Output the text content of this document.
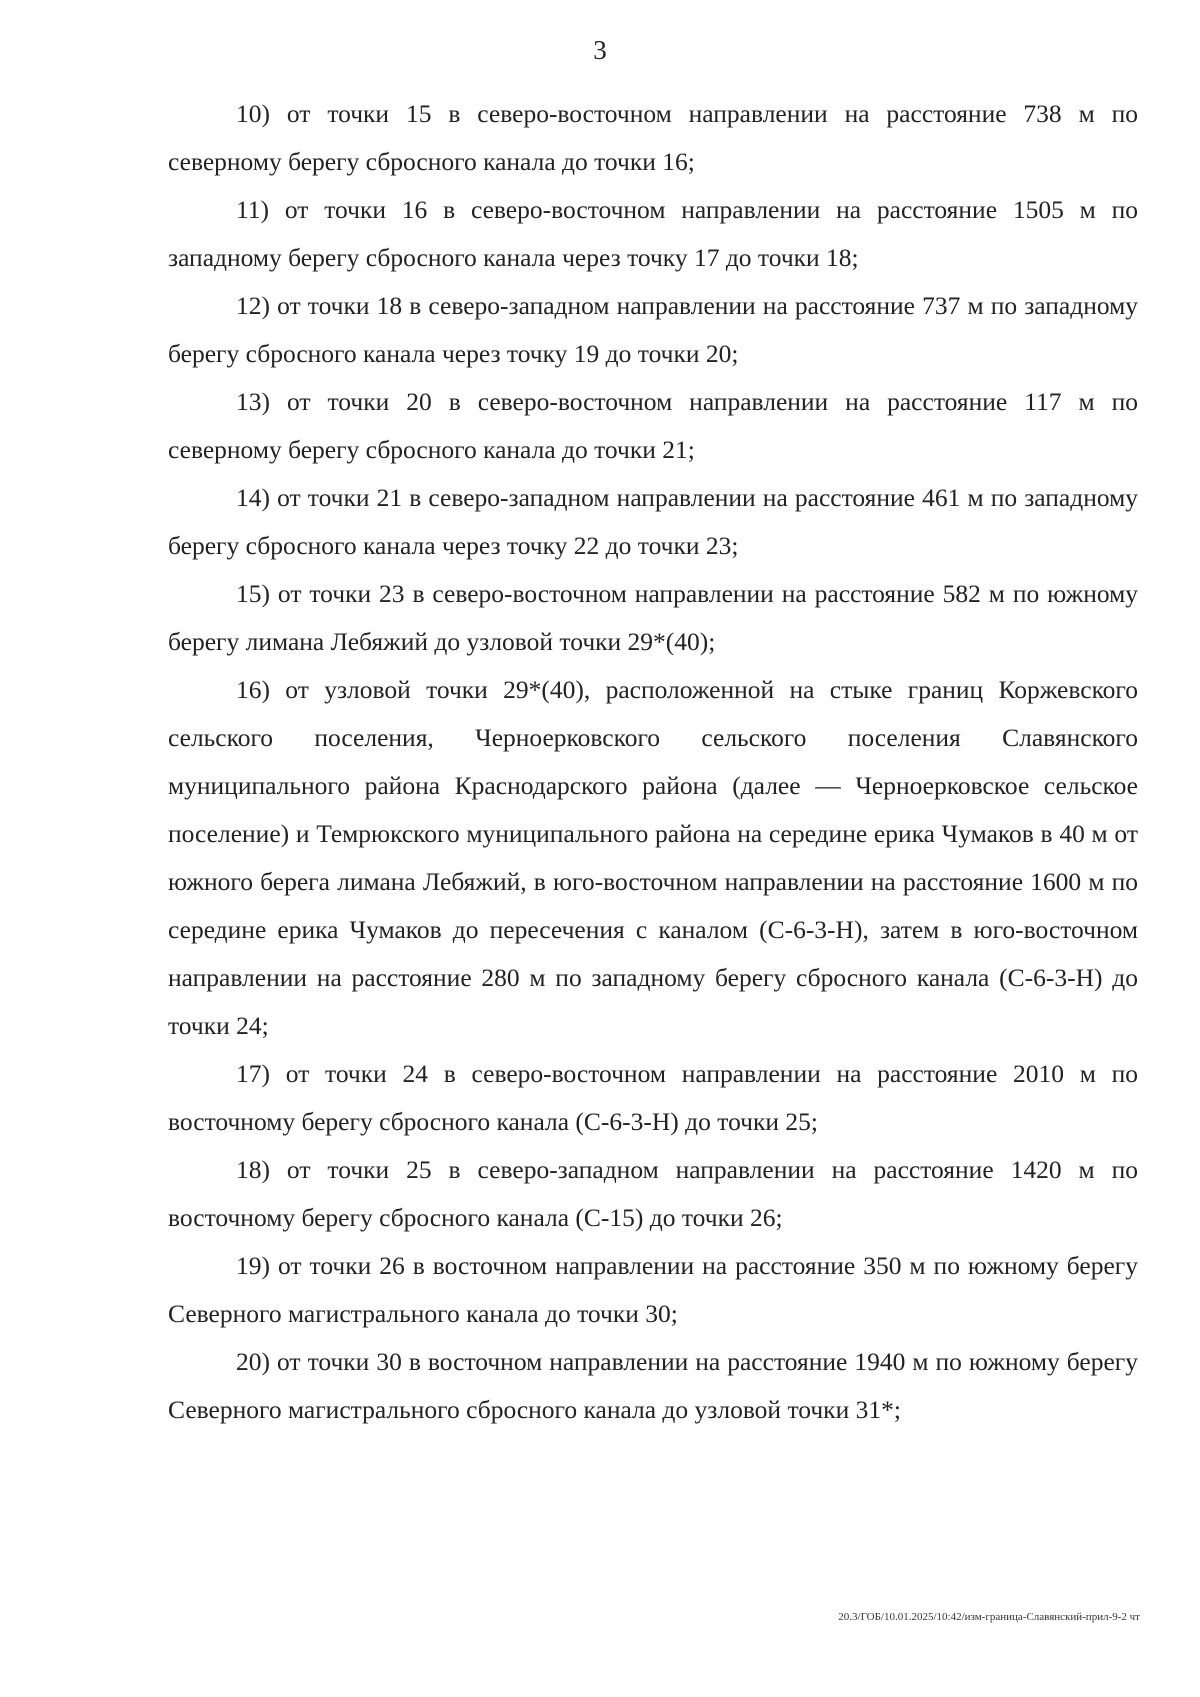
3

10) от точки 15 в северо-восточном направлении на расстояние 738 м по северному берегу сбросного канала до точки 16;

11) от точки 16 в северо-восточном направлении на расстояние 1505 м по западному берегу сбросного канала через точку 17 до точки 18;

12) от точки 18 в северо-западном направлении на расстояние 737 м по западному берегу сбросного канала через точку 19 до точки 20;

13) от точки 20 в северо-восточном направлении на расстояние 117 м по северному берегу сбросного канала до точки 21;

14) от точки 21 в северо-западном направлении на расстояние 461 м по западному берегу сбросного канала через точку 22 до точки 23;

15) от точки 23 в северо-восточном направлении на расстояние 582 м по южному берегу лимана Лебяжий до узловой точки 29*(40);

16) от узловой точки 29*(40), расположенной на стыке границ Коржевского сельского поселения, Черноерковского сельского поселения Славянского муниципального района Краснодарского района (далее — Черноерковское сельское поселение) и Темрюкского муниципального района на середине ерика Чумаков в 40 м от южного берега лимана Лебяжий, в юго-восточном направлении на расстояние 1600 м по середине ерика Чумаков до пересечения с каналом (С-6-3-Н), затем в юго-восточном направлении на расстояние 280 м по западному берегу сбросного канала (С-6-3-Н) до точки 24;

17) от точки 24 в северо-восточном направлении на расстояние 2010 м по восточному берегу сбросного канала (С-6-3-Н) до точки 25;

18) от точки 25 в северо-западном направлении на расстояние 1420 м по восточному берегу сбросного канала (С-15) до точки 26;

19) от точки 26 в восточном направлении на расстояние 350 м по южному берегу Северного магистрального канала до точки 30;

20) от точки 30 в восточном направлении на расстояние 1940 м по южному берегу Северного магистрального сбросного канала до узловой точки 31*;

20.3/ГОБ/10.01.2025/10:42/изм-граница-Славянский-прил-9-2 чт
